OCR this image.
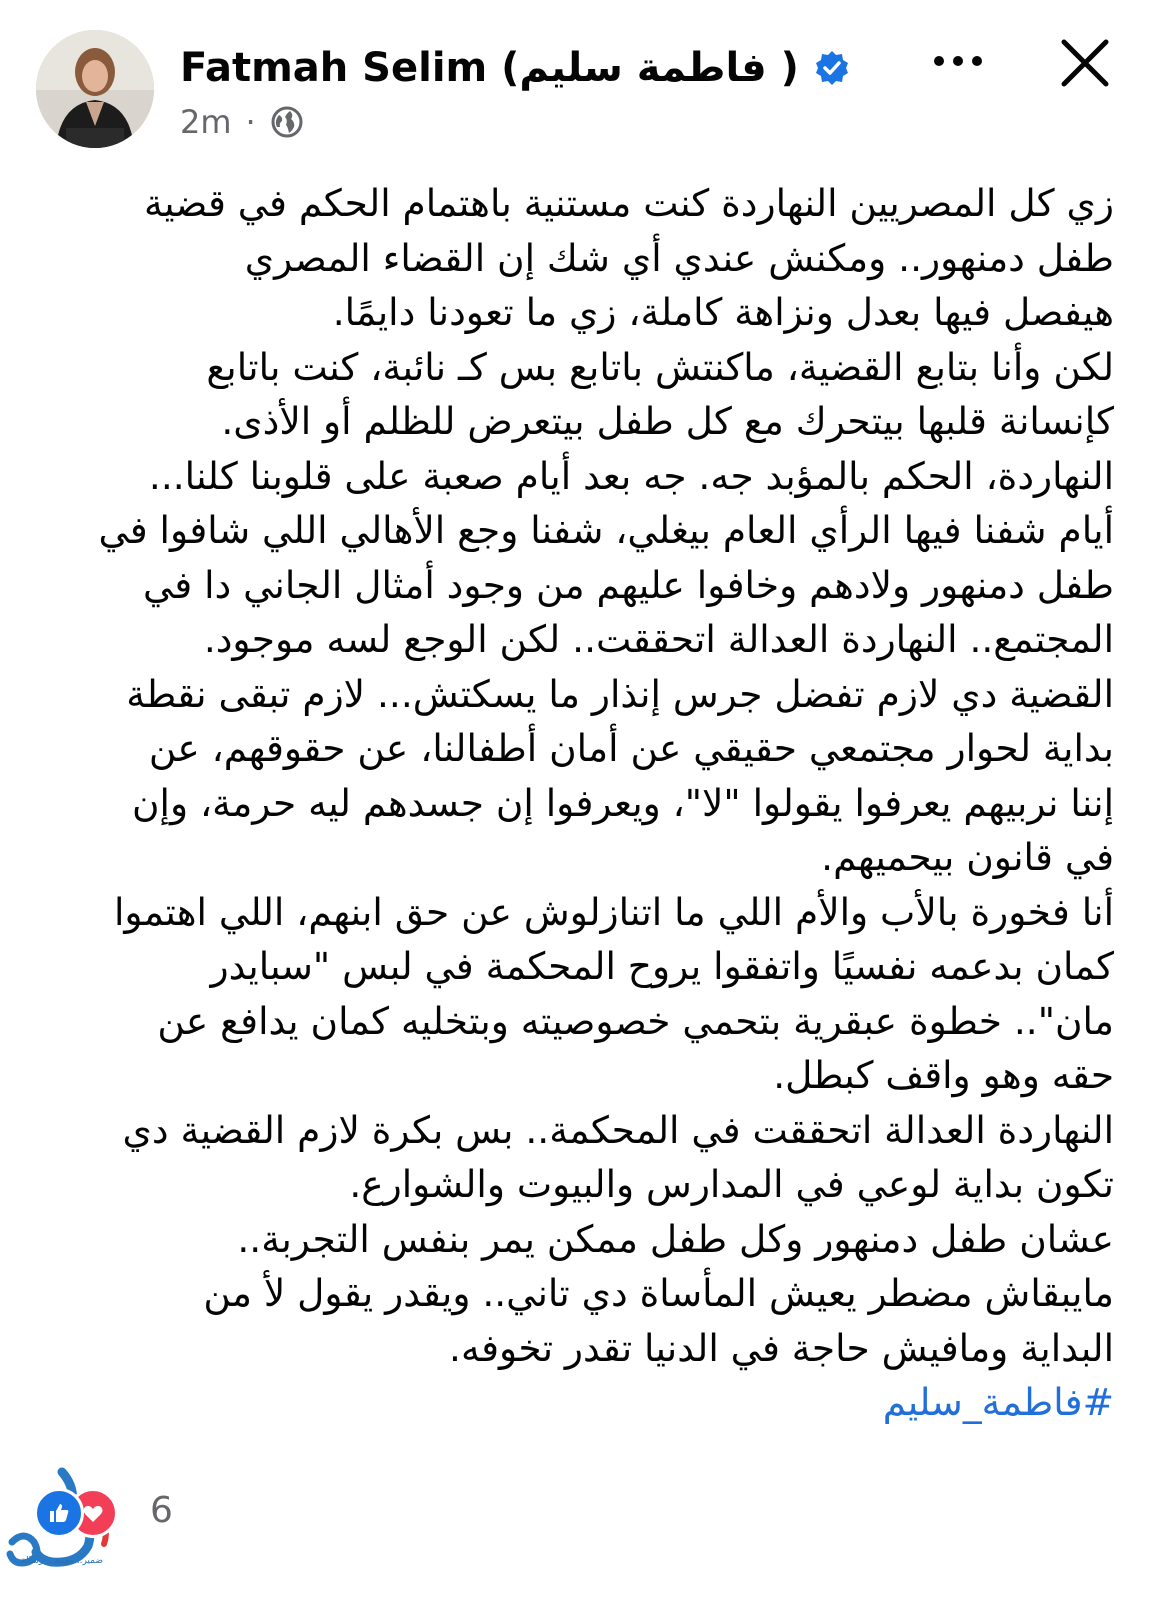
Fatmah Selim (فاطمة سليم )
2m ·

زي كل المصريين النهاردة كنت مستنية باهتمام الحكم في قضية

طفل دمنهور.. ومكنش عندي أي شك إن القضاء المصري

هيفصل فيها بعدل ونزاهة كاملة، زي ما تعودنا دايمًا.

لكن وأنا بتابع القضية، ماكنتش باتابع بس كـ نائبة، كنت باتابع

كإنسانة قلبها بيتحرك مع كل طفل بيتعرض للظلم أو الأذى.

النهاردة، الحكم بالمؤبد جه. جه بعد أيام صعبة على قلوبنا كلنا...

أيام شفنا فيها الرأي العام بيغلي، شفنا وجع الأهالي اللي شافوا في

طفل دمنهور ولادهم وخافوا عليهم من وجود أمثال الجاني دا في

المجتمع.. النهاردة العدالة اتحققت.. لكن الوجع لسه موجود.

القضية دي لازم تفضل جرس إنذار ما يسكتش... لازم تبقى نقطة

بداية لحوار مجتمعي حقيقي عن أمان أطفالنا، عن حقوقهم، عن

إننا نربيهم يعرفوا يقولوا "لا"، ويعرفوا إن جسدهم ليه حرمة، وإن

في قانون بيحميهم.

أنا فخورة بالأب والأم اللي ما اتنازلوش عن حق ابنهم، اللي اهتموا

كمان بدعمه نفسيًا واتفقوا يروح المحكمة في لبس "سبايدر

مان".. خطوة عبقرية بتحمي خصوصيته وبتخليه كمان يدافع عن

حقه وهو واقف كبطل.

النهاردة العدالة اتحققت في المحكمة.. بس بكرة لازم القضية دي

تكون بداية لوعي في المدارس والبيوت والشوارع.

عشان طفل دمنهور وكل طفل ممكن يمر بنفس التجربة..

مايبقاش مضطر يعيش المأساة دي تاني.. ويقدر يقول لأ من

البداية ومافيش حاجة في الدنيا تقدر تخوفه.

#فاطمة_سليم

6
ضمير.. مهنية .. رسالة
